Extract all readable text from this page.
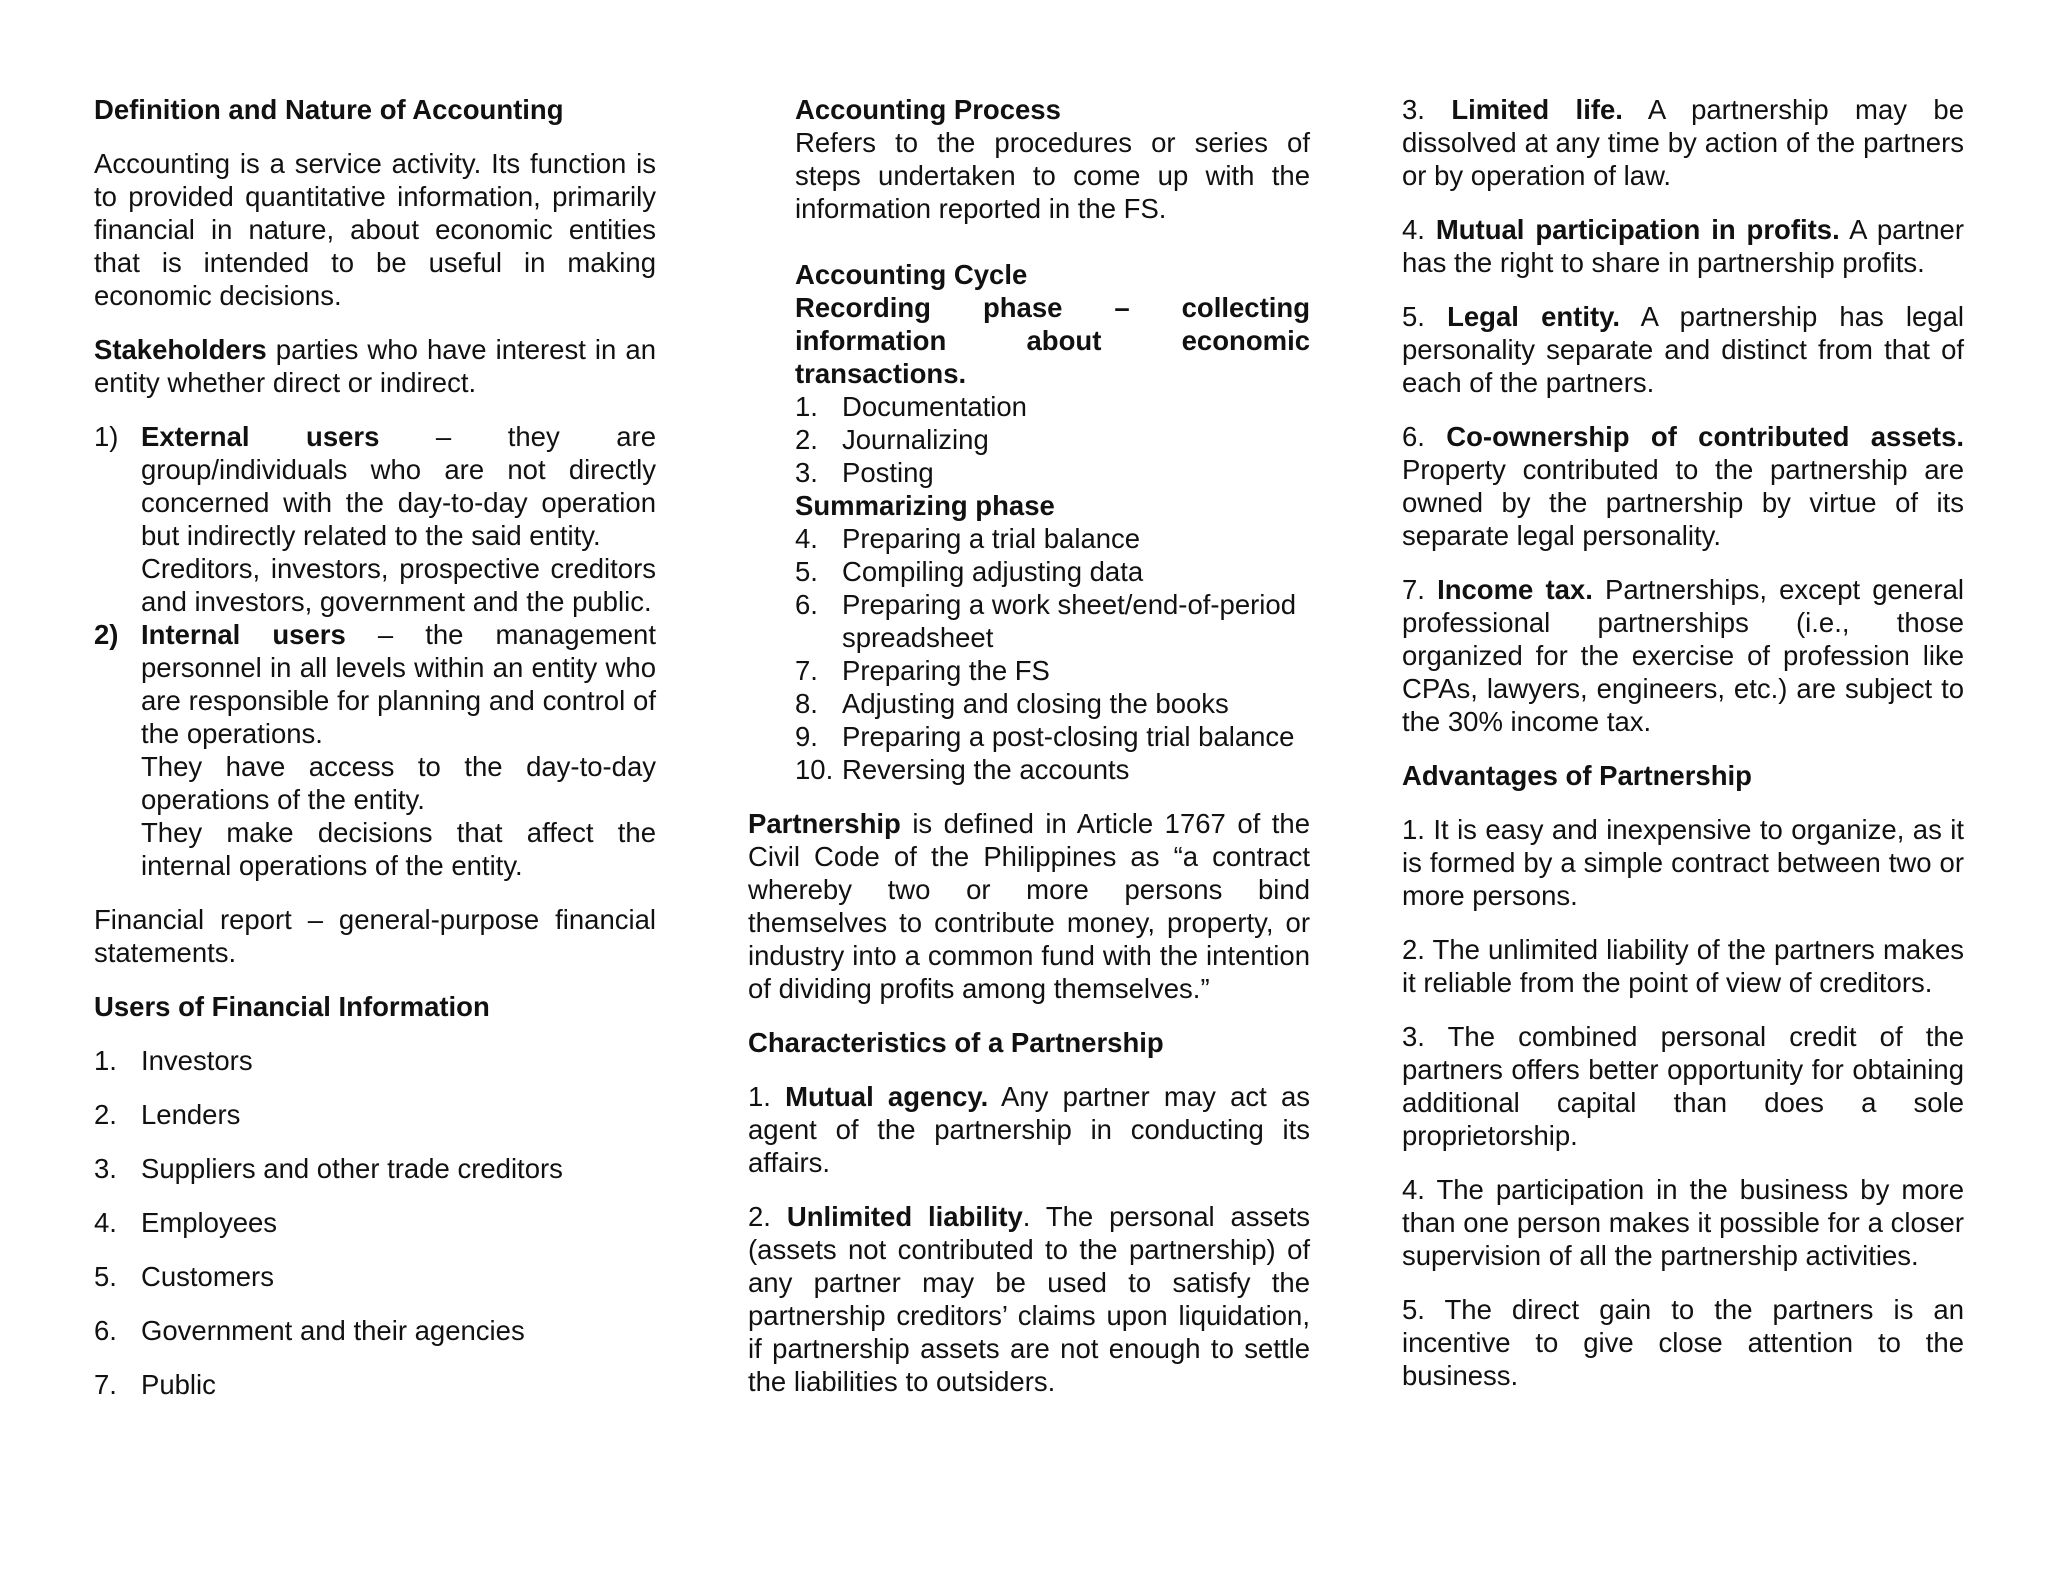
Definition and Nature of Accounting

Accounting is a service activity. Its function is to provided quantitative information, primarily financial in nature, about economic entities that is intended to be useful in making economic decisions.

Stakeholders parties who have interest in an entity whether direct or indirect.

1) External users – they are
group/individuals who are not directly concerned with the day-to-day operation but indirectly related to the said entity.
Creditors, investors, prospective creditors and investors, government and the public.
2) Internal users – the management
personnel in all levels within an entity who are responsible for planning and control of the operations.
They have access to the day-to-day operations of the entity.
They make decisions that affect the internal operations of the entity.

Financial report – general-purpose financial statements.

Users of Financial Information
1. Investors
2. Lenders
3. Suppliers and other trade creditors
4. Employees
5. Customers
6. Government and their agencies
7. Public
Accounting Process

Refers to the procedures or series of steps undertaken to come up with the information reported in the FS.

Accounting Cycle
Recording phase – collecting information about economic transactions.
1. Documentation
2. Journalizing
3. Posting
Summarizing phase
4. Preparing a trial balance
5. Compiling adjusting data
6. Preparing a work sheet/end-of-period spreadsheet
7. Preparing the FS
8. Adjusting and closing the books
9. Preparing a post-closing trial balance
10. Reversing the accounts

Partnership is defined in Article 1767 of the Civil Code of the Philippines as “a contract whereby two or more persons bind themselves to contribute money, property, or industry into a common fund with the intention of dividing profits among themselves.”

Characteristics of a Partnership

1. Mutual agency. Any partner may act as agent of the partnership in conducting its affairs.

2. Unlimited liability. The personal assets (assets not contributed to the partnership) of any partner may be used to satisfy the partnership creditors’ claims upon liquidation, if partnership assets are not enough to settle the liabilities to outsiders.

3. Limited life. A partnership may be dissolved at any time by action of the partners or by operation of law.

4. Mutual participation in profits. A partner has the right to share in partnership profits.

5. Legal entity. A partnership has legal personality separate and distinct from that of each of the partners.

6. Co-ownership of contributed assets. Property contributed to the partnership are owned by the partnership by virtue of its separate legal personality.

7. Income tax. Partnerships, except general professional partnerships (i.e., those organized for the exercise of profession like CPAs, lawyers, engineers, etc.) are subject to the 30% income tax.

Advantages of Partnership

1. It is easy and inexpensive to organize, as it is formed by a simple contract between two or more persons.

2. The unlimited liability of the partners makes it reliable from the point of view of creditors.

3. The combined personal credit of the partners offers better opportunity for obtaining additional capital than does a sole proprietorship.

4. The participation in the business by more than one person makes it possible for a closer supervision of all the partnership activities.

5. The direct gain to the partners is an incentive to give close attention to the business.
